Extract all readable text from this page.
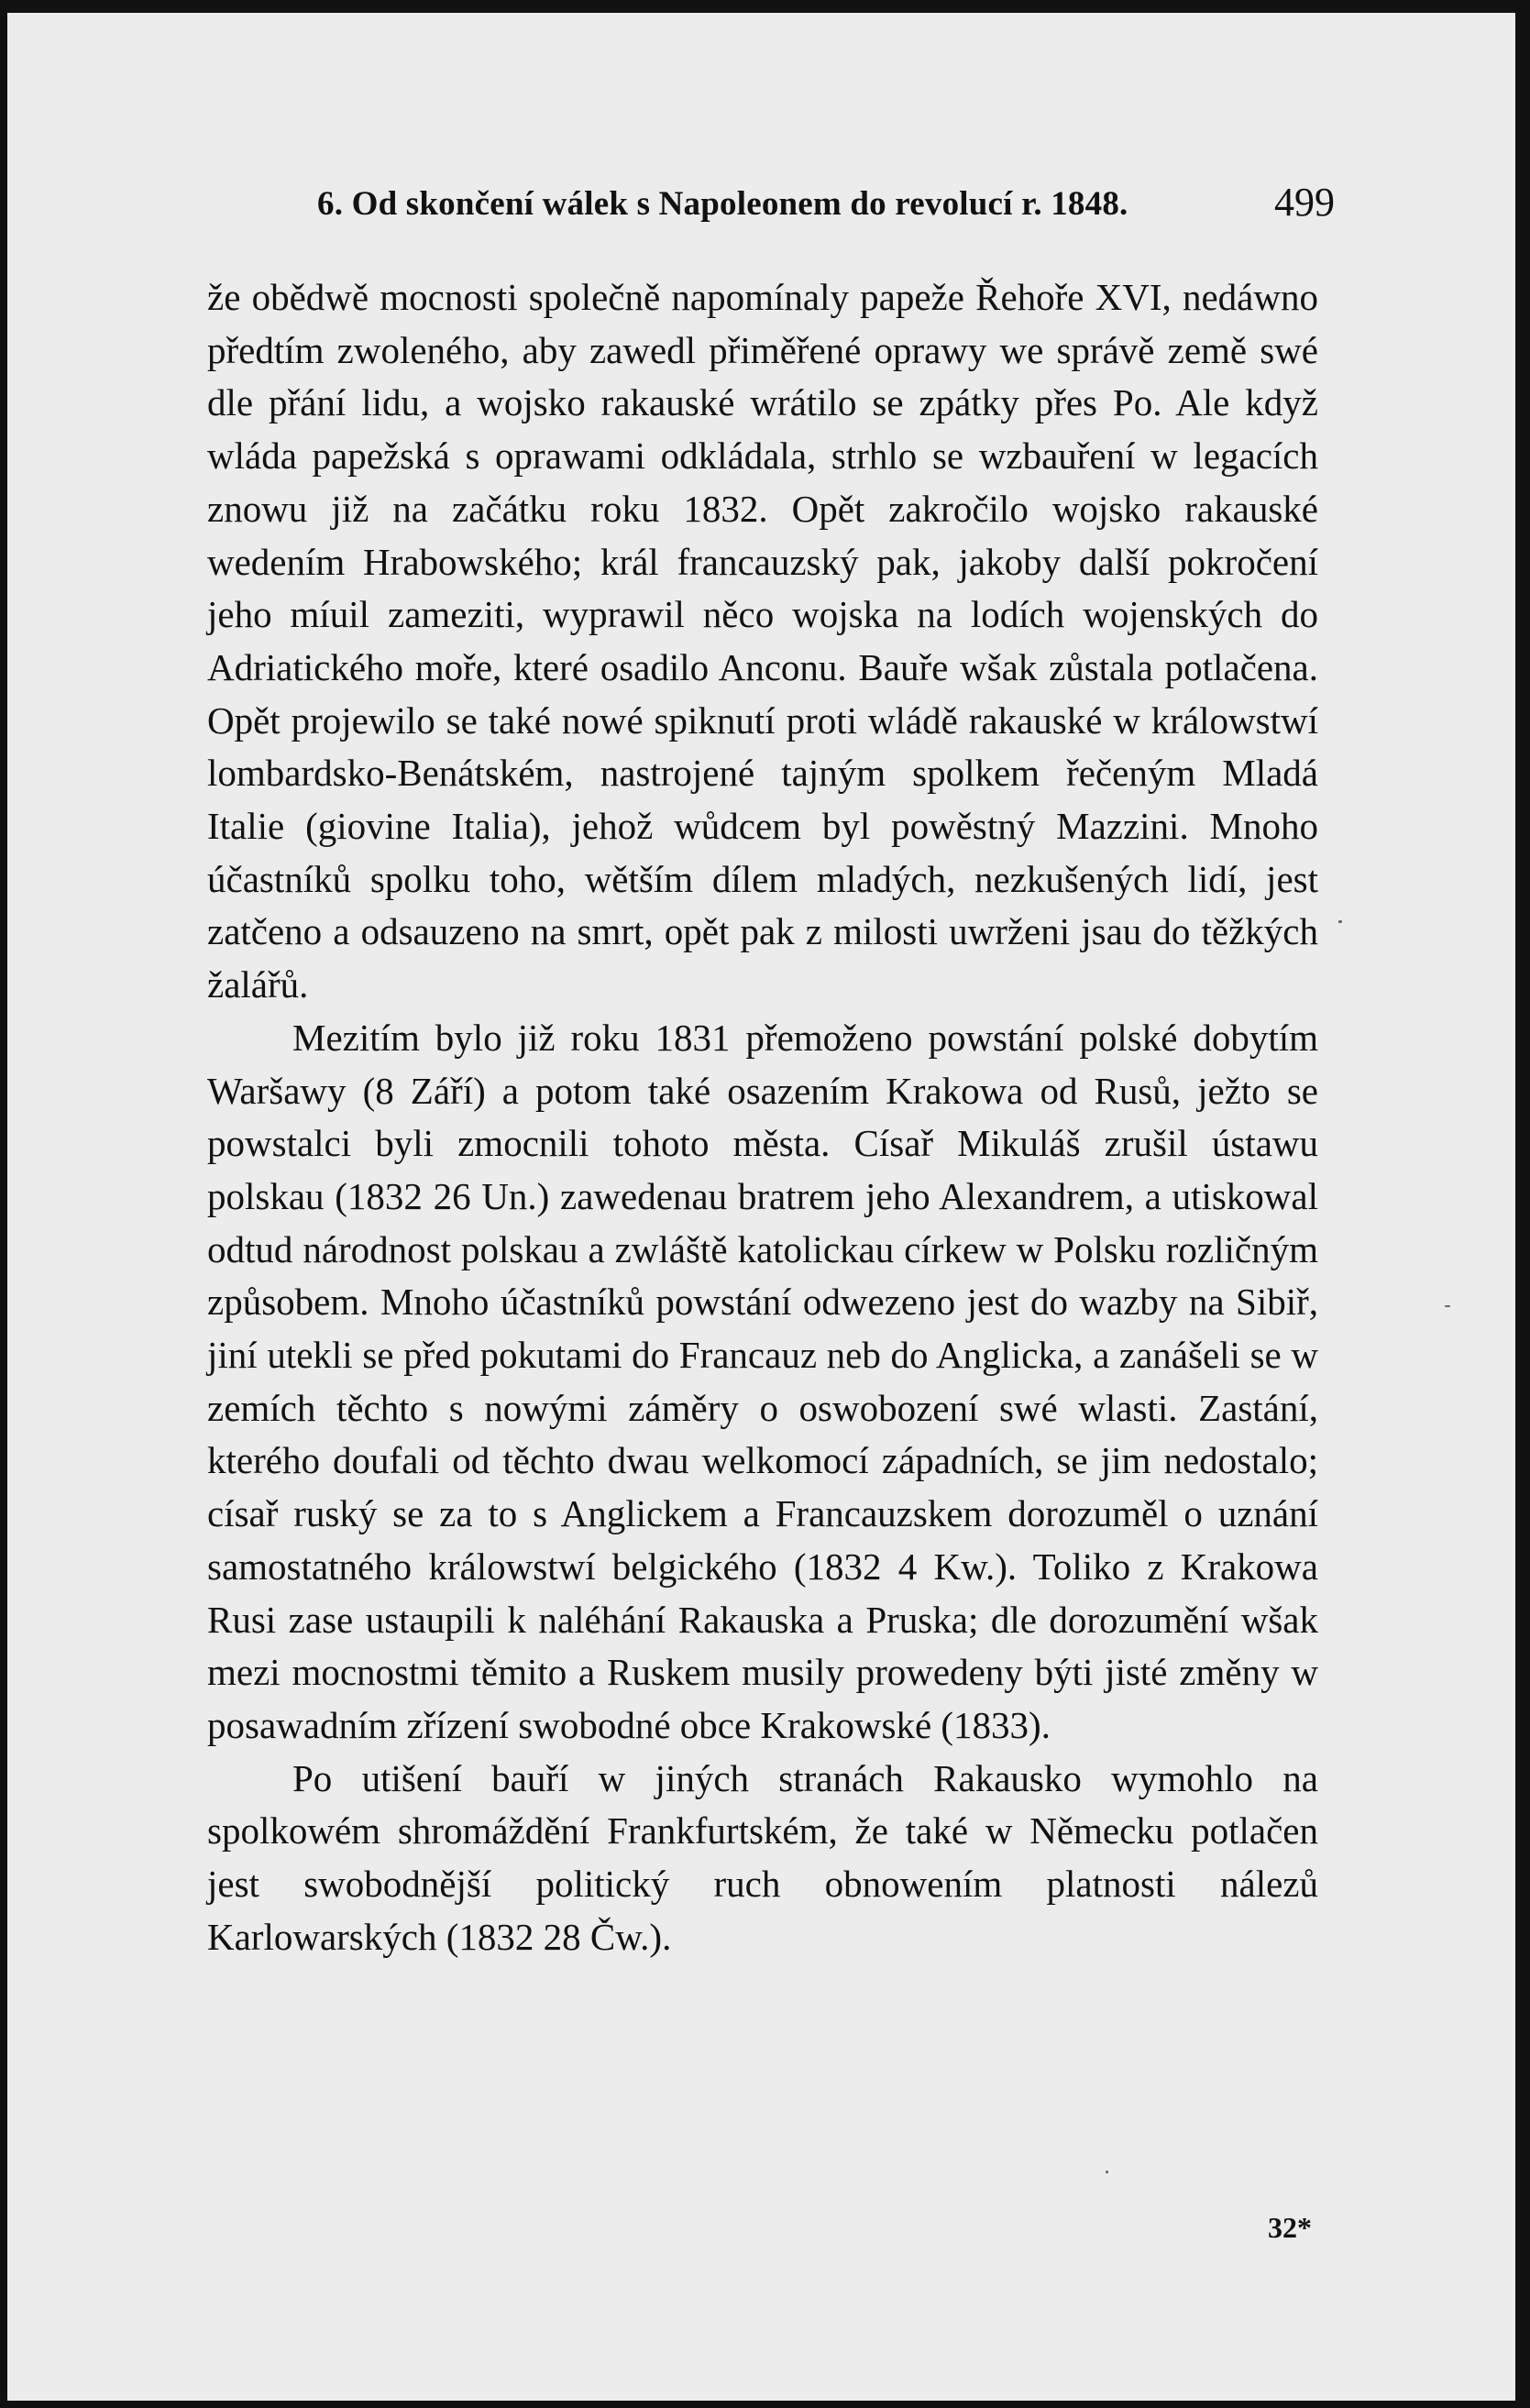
6. Od skončení wálek s Napoleonem do revolucí r. 1848.	499

že obědwě mocnosti společně napomínaly papeže Řehoře XVI, nedáwno předtím zwoleného, aby zawedl přiměřené oprawy we správě země swé dle přání lidu, a wojsko rakauské wrátilo se zpátky přes Po. Ale když wláda papežská s oprawami odkládala, strhlo se wzbauření w legacích znowu již na začátku roku 1832. Opět zakročilo wojsko rakauské wedením Hrabowského; král francauzský pak, jakoby další pokročení jeho míuil zameziti, wyprawil něco wojska na lodích wojenských do Adriatického moře, které osadilo Anconu. Bauře wšak zůstala potlačena. Opět projewilo se také nowé spiknutí proti wládě rakauské w králowstwí lombardsko-Benátském, nastrojené tajným spolkem řečeným Mladá Italie (giovine Italia), jehož wůdcem byl powěstný Mazzini. Mnoho účastníků spolku toho, wětším dílem mladých, nezkušených lidí, jest zatčeno a odsauzeno na smrt, opět pak z milosti uwrženi jsau do těžkých žalářů.

Mezitím bylo již roku 1831 přemoženo powstání polské dobytím Waršawy (8 Září) a potom také osazením Krakowa od Rusů, ježto se powstalci byli zmocnili tohoto města. Císař Mikuláš zrušil ústawu polskau (1832 26 Un.) zawedenau bratrem jeho Alexandrem, a utiskowal odtud národnost polskau a zwláště katolickau církew w Polsku rozličným způsobem. Mnoho účastníků powstání odwezeno jest do wazby na Sibiř, jiní utekli se před pokutami do Francauz neb do Anglicka, a zanášeli se w zemích těchto s nowými záměry o oswobození swé wlasti. Zastání, kterého doufali od těchto dwau welkomocí západních, se jim nedostalo; císař ruský se za to s Anglickem a Francauzskem dorozuměl o uznání samostatného králowstwí belgického (1832 4 Kw.). Toliko z Krakowa Rusi zase ustaupili k naléhání Rakauska a Pruska; dle dorozumění wšak mezi mocnostmi těmito a Ruskem musily prowedeny býti jisté změny w posawadním zřízení swobodné obce Krakowské (1833).

Po utišení bauří w jiných stranách Rakausko wymohlo na spolkowém shromáždění Frankfurtském, že také w Německu potlačen jest swobodnější politický ruch obnowením platnosti nálezů Karlowarských (1832 28 Čw.).

32*
